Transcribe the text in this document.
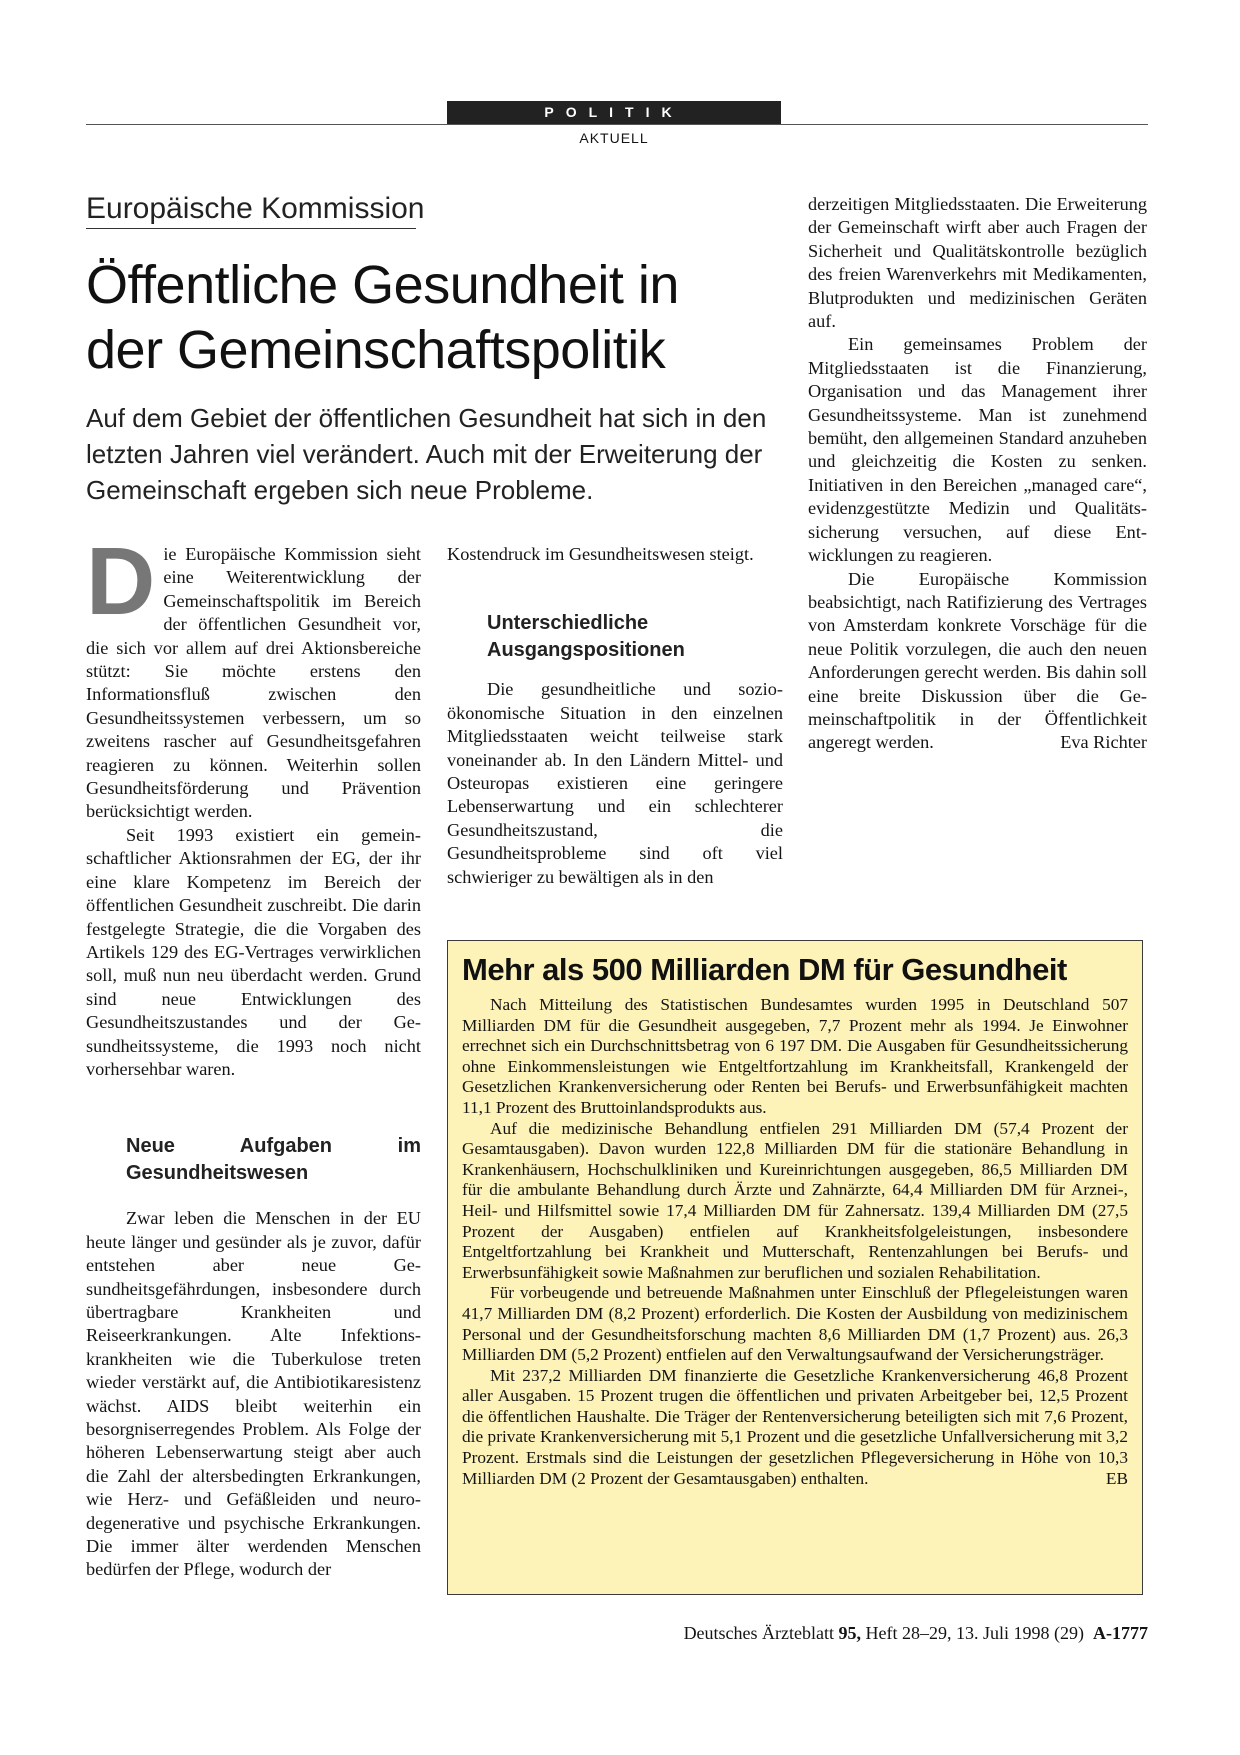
POLITIK
AKTUELL
Europäische Kommission
Öffentliche Gesundheit in
der Gemeinschaftspolitik
Auf dem Gebiet der öffentlichen Gesundheit hat sich in den letzten Jahren viel verändert. Auch mit der Erweiterung der Gemeinschaft ergeben sich neue Probleme.

Die Europäische Kommission sieht eine Weiterentwicklung der Gemeinschaftspolitik im Bereich der öffentlichen Gesundheit vor, die sich vor allem auf drei Aktionsbereiche stützt: Sie möchte erstens den Informationsfluß zwischen den Gesundheitssystemen verbessern, um so zweitens rascher auf Gesundheitsgefahren reagieren zu können. Weiterhin sollen Gesundheitsförderung und Prävention berücksichtigt werden.

Seit 1993 existiert ein gemeinschaftlicher Aktionsrahmen der EG, der ihr eine klare Kompetenz im Bereich der öffentlichen Gesundheit zuschreibt. Die darin festgelegte Strategie, die die Vorgaben des Artikels 129 des EG-Vertrages verwirklichen soll, muß nun neu überdacht werden. Grund sind neue Entwicklungen des Gesundheitszustandes und der Gesundheitssysteme, die 1993 noch nicht vorhersehbar waren.

Neue Aufgaben im Gesundheitswesen

Zwar leben die Menschen in der EU heute länger und gesünder als je zuvor, dafür entstehen aber neue Gesundheitsgefährdungen, insbesondere durch übertragbare Krankheiten und Reiseerkrankungen. Alte Infektionskrankheiten wie die Tuberkulose treten wieder verstärkt auf, die Antibiotikaresistenz wächst. AIDS bleibt weiterhin ein besorgniserregendes Problem. Als Folge der höheren Lebenserwartung steigt aber auch die Zahl der altersbedingten Erkrankungen, wie Herz- und Gefäßleiden und neuro-degenerative und psychische Erkrankungen. Die immer älter werdenden Menschen bedürfen der Pflege, wodurch der

Kostendruck im Gesundheitswesen steigt.

Unterschiedliche Ausgangspositionen

Die gesundheitliche und sozioökonomische Situation in den einzelnen Mitgliedsstaaten weicht teilweise stark voneinander ab. In den Ländern Mittel- und Osteuropas existieren eine geringere Lebenserwartung und ein schlechterer Gesundheitszustand, die Gesundheitsprobleme sind oft viel schwieriger zu bewältigen als in den

derzeitigen Mitgliedsstaaten. Die Erweiterung der Gemeinschaft wirft aber auch Fragen der Sicherheit und Qualitätskontrolle bezüglich des freien Warenverkehrs mit Medikamenten, Blutprodukten und medizinischen Geräten auf.

Ein gemeinsames Problem der Mitgliedsstaaten ist die Finanzierung, Organisation und das Management ihrer Gesundheitssysteme. Man ist zunehmend bemüht, den allgemeinen Standard anzuheben und gleichzeitig die Kosten zu senken. Initiativen in den Bereichen „managed care“, evidenzgestützte Medizin und Qualitätssicherung versuchen, auf diese Entwicklungen zu reagieren.

Die Europäische Kommission beabsichtigt, nach Ratifizierung des Vertrages von Amsterdam konkrete Vorschäge für die neue Politik vorzulegen, die auch den neuen Anforderungen gerecht werden. Bis dahin soll eine breite Diskussion über die Gemeinschaftpolitik in der Öffentlichkeit angeregt werden.	Eva Richter

Mehr als 500 Milliarden DM für Gesundheit

Nach Mitteilung des Statistischen Bundesamtes wurden 1995 in Deutschland 507 Milliarden DM für die Gesundheit ausgegeben, 7,7 Prozent mehr als 1994. Je Einwohner errechnet sich ein Durchschnittsbetrag von 6 197 DM. Die Ausgaben für Gesundheitssicherung ohne Einkommensleistungen wie Entgeltfortzahlung im Krankheitsfall, Krankengeld der Gesetzlichen Krankenversicherung oder Renten bei Berufs- und Erwerbsunfähigkeit machten 11,1 Prozent des Bruttoinlandsprodukts aus.

Auf die medizinische Behandlung entfielen 291 Milliarden DM (57,4 Prozent der Gesamtausgaben). Davon wurden 122,8 Milliarden DM für die stationäre Behandlung in Krankenhäusern, Hochschulkliniken und Kureinrichtungen ausgegeben, 86,5 Milliarden DM für die ambulante Behandlung durch Ärzte und Zahnärzte, 64,4 Milliarden DM für Arznei-, Heil- und Hilfsmittel sowie 17,4 Milliarden DM für Zahnersatz. 139,4 Milliarden DM (27,5 Prozent der Ausgaben) entfielen auf Krankheitsfolgeleistungen, insbesondere Entgeltfortzahlung bei Krankheit und Mutterschaft, Rentenzahlungen bei Berufs- und Erwerbsunfähigkeit sowie Maßnahmen zur beruflichen und sozialen Rehabilitation.

Für vorbeugende und betreuende Maßnahmen unter Einschluß der Pflegeleistungen waren 41,7 Milliarden DM (8,2 Prozent) erforderlich. Die Kosten der Ausbildung von medizinischem Personal und der Gesundheitsforschung machten 8,6 Milliarden DM (1,7 Prozent) aus. 26,3 Milliarden DM (5,2 Prozent) entfielen auf den Verwaltungsaufwand der Versicherungsträger.

Mit 237,2 Milliarden DM finanzierte die Gesetzliche Krankenversicherung 46,8 Prozent aller Ausgaben. 15 Prozent trugen die öffentlichen und privaten Arbeitgeber bei, 12,5 Prozent die öffentlichen Haushalte. Die Träger der Rentenversicherung beteiligten sich mit 7,6 Prozent, die private Krankenversicherung mit 5,1 Prozent und die gesetzliche Unfallversicherung mit 3,2 Prozent. Erstmals sind die Leistungen der gesetzlichen Pflegeversicherung in Höhe von 10,3 Milliarden DM (2 Prozent der Gesamtausgaben) enthalten.	EB

Deutsches Ärzteblatt 95, Heft 28–29, 13. Juli 1998 (29) A-1777
